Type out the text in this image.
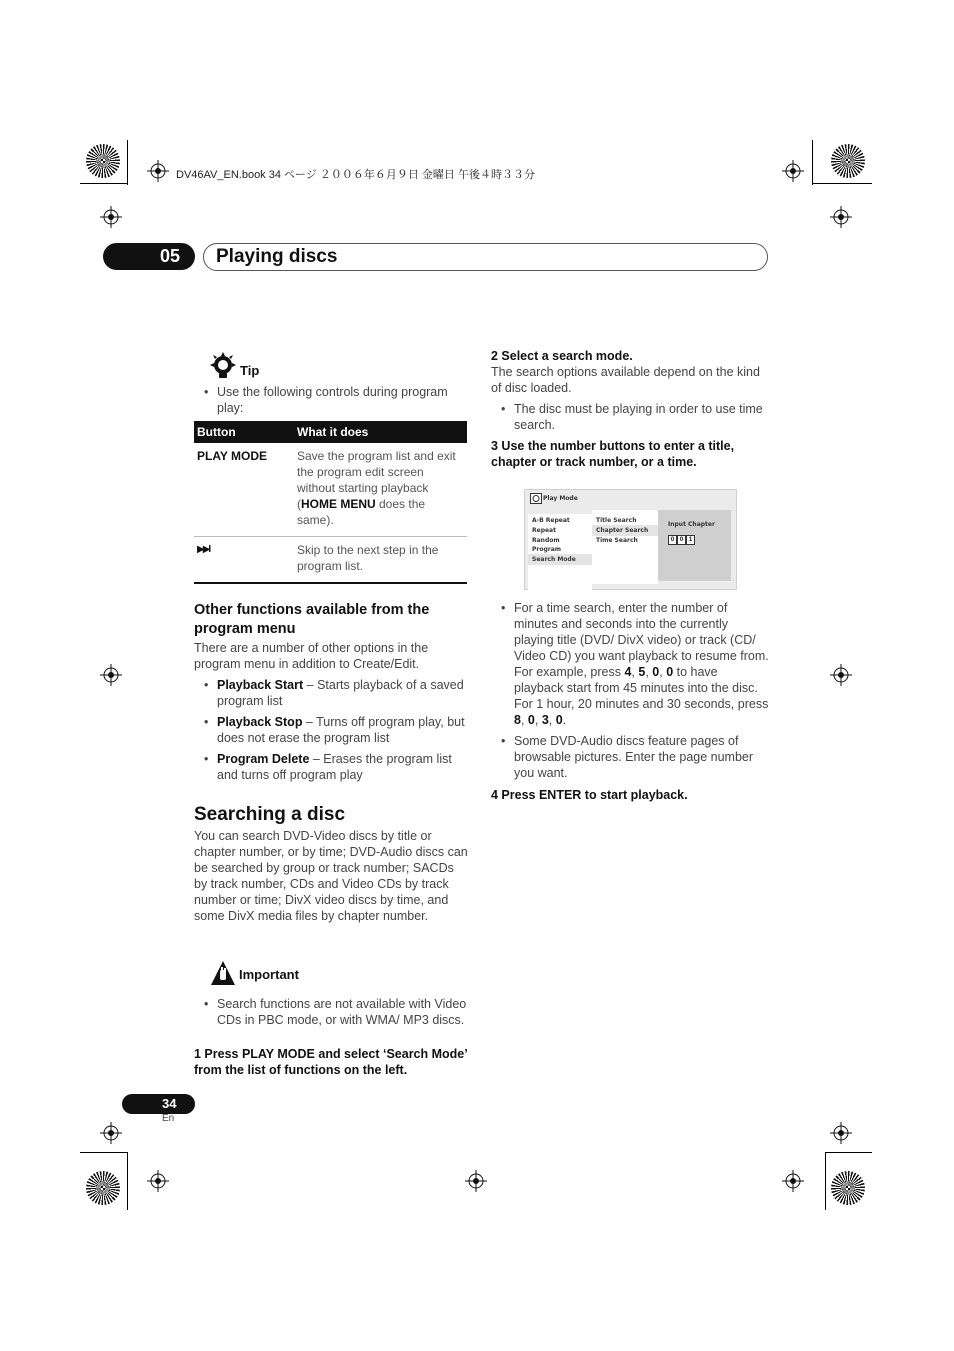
DV46AV_EN.book 34 ページ ２００６年６月９日 金曜日 午後４時３３分
05 Playing discs
Tip
• Use the following controls during program play:
Button	What it does
PLAY MODE	Save the program list and exit the program edit screen without starting playback (HOME MENU does the same).
▶▶I	Skip to the next step in the program list.
Other functions available from the program menu
There are a number of other options in the program menu in addition to Create/Edit.
• Playback Start – Starts playback of a saved program list
• Playback Stop – Turns off program play, but does not erase the program list
• Program Delete – Erases the program list and turns off program play
Searching a disc
You can search DVD-Video discs by title or chapter number, or by time; DVD-Audio discs can be searched by group or track number; SACDs by track number, CDs and Video CDs by track number or time; DivX video discs by time, and some DivX media files by chapter number.
Important
• Search functions are not available with Video CDs in PBC mode, or with WMA/ MP3 discs.
1 Press PLAY MODE and select ‘Search Mode’ from the list of functions on the left.
2 Select a search mode.
The search options available depend on the kind of disc loaded.
• The disc must be playing in order to use time search.
3 Use the number buttons to enter a title, chapter or track number, or a time.
Play Mode
A-B Repeat
Repeat
Random
Program
Search Mode
Title Search
Chapter Search
Time Search
Input Chapter
0 0 1
• For a time search, enter the number of minutes and seconds into the currently playing title (DVD/ DivX video) or track (CD/ Video CD) you want playback to resume from. For example, press 4, 5, 0, 0 to have playback start from 45 minutes into the disc. For 1 hour, 20 minutes and 30 seconds, press 8, 0, 3, 0.
• Some DVD-Audio discs feature pages of browsable pictures. Enter the page number you want.
4 Press ENTER to start playback.
34
En
